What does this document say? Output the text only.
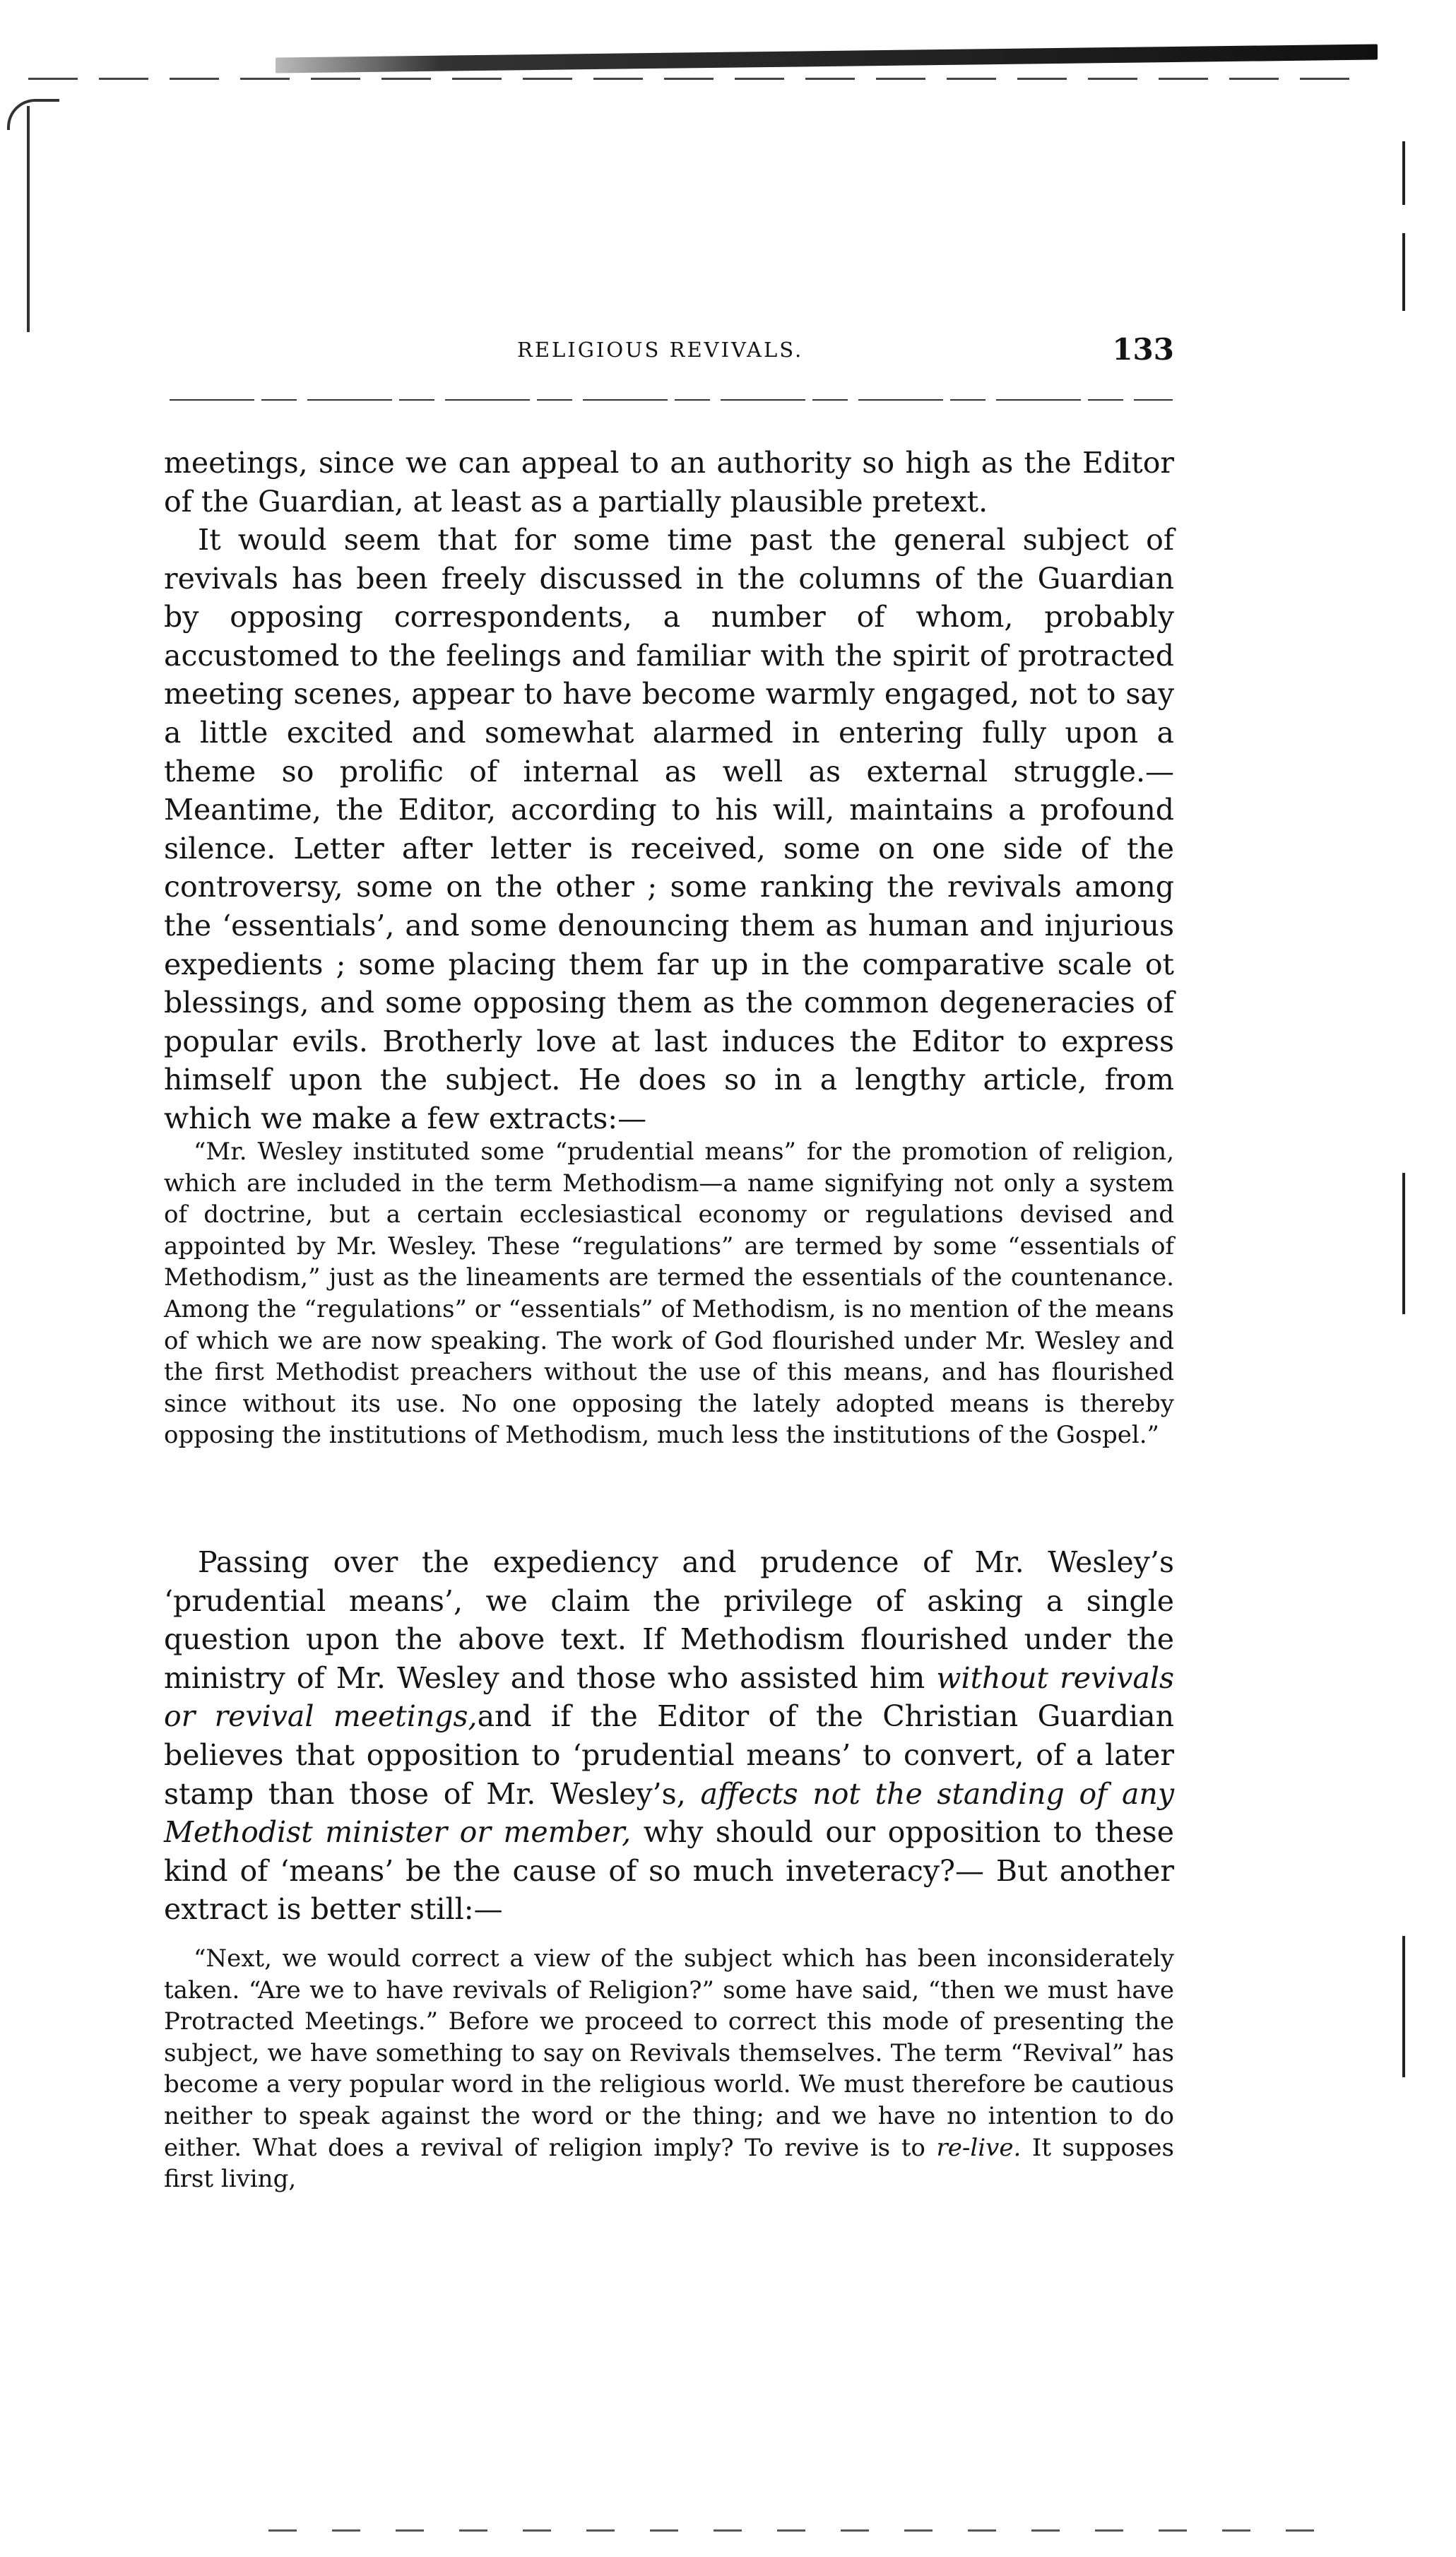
RELIGIOUS REVIVALS.	133

meetings, since we can appeal to an authority so high as the Editor of the Guardian, at least as a partially plausible pretext.

It would seem that for some time past the general subject of revivals has been freely discussed in the columns of the Guardian by opposing correspondents, a number of whom, probably accustomed to the feelings and familiar with the spirit of protracted meeting scenes, appear to have become warmly engaged, not to say a little excited and somewhat alarmed in entering fully upon a theme so prolific of internal as well as external struggle.— Meantime, the Editor, according to his will, maintains a profound silence. Letter after letter is received, some on one side of the controversy, some on the other ; some ranking the revivals among the ‘essentials’, and some denouncing them as human and injurious expedients ; some placing them far up in the comparative scale ot blessings, and some opposing them as the common degeneracies of popular evils. Brotherly love at last induces the Editor to express himself upon the subject. He does so in a lengthy article, from which we make a few extracts:—

“Mr. Wesley instituted some “prudential means” for the promotion of religion, which are included in the term Methodism—a name signifying not only a system of doctrine, but a certain ecclesiastical economy or regulations devised and appointed by Mr. Wesley. These “regulations” are termed by some “essentials of Methodism,” just as the lineaments are termed the essentials of the countenance. Among the “regulations” or “essentials” of Methodism, is no mention of the means of which we are now speaking. The work of God flourished under Mr. Wesley and the first Methodist preachers without the use of this means, and has flourished since without its use. No one opposing the lately adopted means is thereby opposing the institutions of Methodism, much less the institutions of the Gospel.”

Passing over the expediency and prudence of Mr. Wesley’s ‘prudential means’, we claim the privilege of asking a single question upon the above text. If Methodism flourished under the ministry of Mr. Wesley and those who assisted him without revivals or revival meetings,and if the Editor of the Christian Guardian believes that opposition to ‘prudential means’ to convert, of a later stamp than those of Mr. Wesley’s, affects not the standing of any Methodist minister or member, why should our opposition to these kind of ‘means’ be the cause of so much inveteracy?— But another extract is better still:—

“Next, we would correct a view of the subject which has been inconsiderately taken. “Are we to have revivals of Religion?” some have said, “then we must have Protracted Meetings.” Before we proceed to correct this mode of presenting the subject, we have something to say on Revivals themselves. The term “Revival” has become a very popular word in the religious world. We must therefore be cautious neither to speak against the word or the thing; and we have no intention to do either. What does a revival of religion imply? To revive is to re-live. It supposes first living,
